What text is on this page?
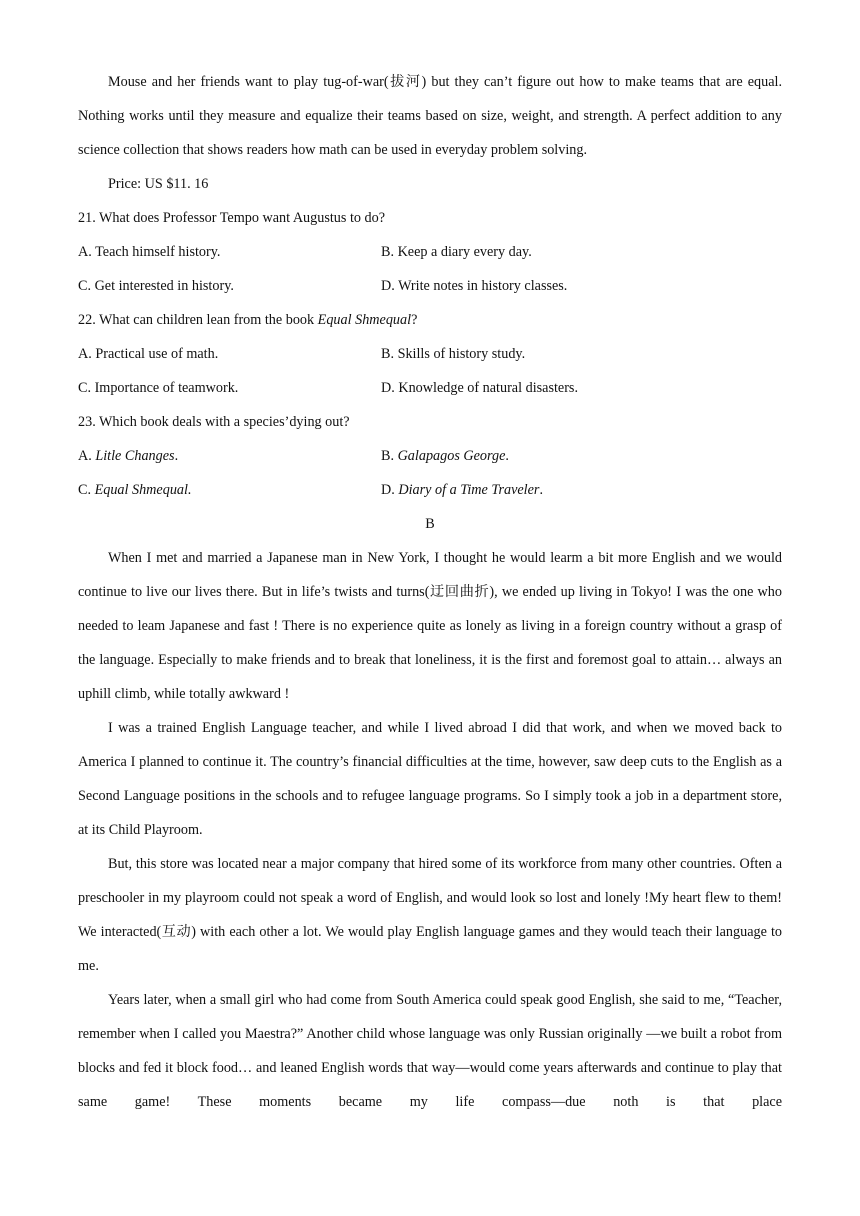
Mouse and her friends want to play tug-of-war(拔河) but they can’t figure out how to make teams that are equal. Nothing works until they measure and equalize their teams based on size, weight, and strength. A perfect addition to any science collection that shows readers how math can be used in everyday problem solving.

Price: US $11. 16

21. What does Professor Tempo want Augustus to do?

A. Teach himself history.	B. Keep a diary every day.
C. Get interested in history.	D. Write notes in history classes.

22. What can children lean from the book Equal Shmequal?

A. Practical use of math.	B. Skills of history study.
C. Importance of teamwork.	D. Knowledge of natural disasters.

23. Which book deals with a species’dying out?

A. Litle Changes.	B. Galapagos George.
C. Equal Shmequal.	D. Diary of a Time Traveler.

B

When I met and married a Japanese man in New York, I thought he would learm a bit more English and we would continue to live our lives there. But in life’s twists and turns(迂回曲折), we ended up living in Tokyo! I was the one who needed to leam Japanese and fast ! There is no experience quite as lonely as living in a foreign country without a grasp of the language. Especially to make friends and to break that loneliness, it is the first and foremost goal to attain… always an uphill climb, while totally awkward !

I was a trained English Language teacher, and while I lived abroad I did that work, and when we moved back to America I planned to continue it. The country’s financial difficulties at the time, however, saw deep cuts to the English as a Second Language positions in the schools and to refugee language programs. So I simply took a job in a department store, at its Child Playroom.

But, this store was located near a major company that hired some of its workforce from many other countries. Often a preschooler in my playroom could not speak a word of English, and would look so lost and lonely !My heart flew to them! We interacted(互动) with each other a lot. We would play English language games and they would teach their language to me.

Years later, when a small girl who had come from South America could speak good English, she said to me, “Teacher, remember when I called you Maestra?” Another child whose language was only Russian originally —we built a robot from blocks and fed it block food… and leaned English words that way—would come years afterwards and continue to play that same game! These moments became my life compass—due noth is that place
